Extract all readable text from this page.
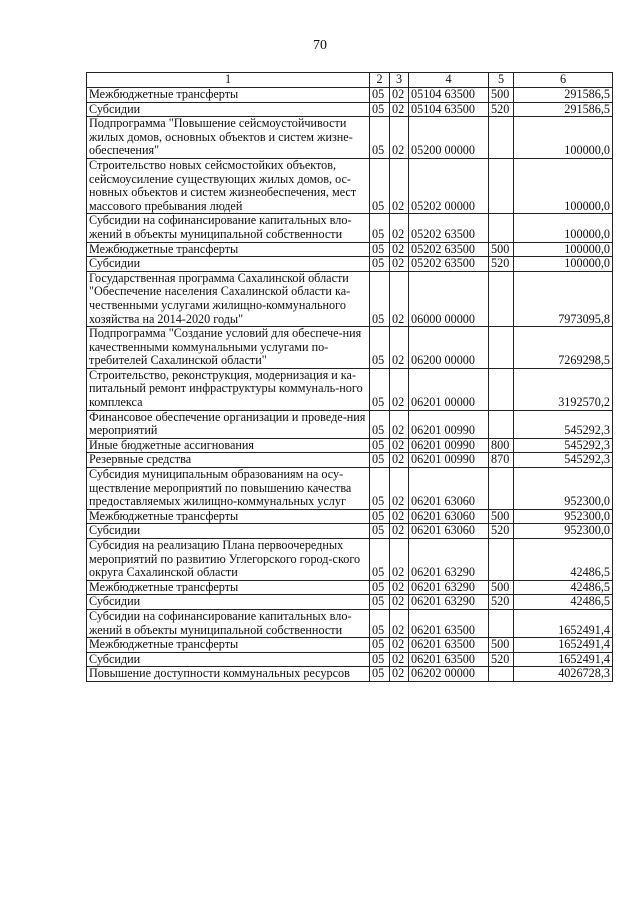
70
1	2	3	4	5	6
Межбюджетные трансферты	05	02	05104 63500	500	291586,5
Субсидии	05	02	05104 63500	520	291586,5
Подпрограмма "Повышение сейсмоустойчивости жилых домов, основных объектов и систем жизне-обеспечения"	05	02	05200 00000		100000,0
Строительство новых сейсмостойких объектов, сейсмоусиление существующих жилых домов, ос-новных объектов и систем жизнеобеспечения, мест массового пребывания людей	05	02	05202 00000		100000,0
Субсидии на софинансирование капитальных вло-жений в объекты муниципальной собственности	05	02	05202 63500		100000,0
Межбюджетные трансферты	05	02	05202 63500	500	100000,0
Субсидии	05	02	05202 63500	520	100000,0
Государственная программа Сахалинской области "Обеспечение населения Сахалинской области ка-чественными услугами жилищно-коммунального хозяйства на 2014-2020 годы"	05	02	06000 00000		7973095,8
Подпрограмма "Создание условий для обеспече-ния качественными коммунальными услугами по-требителей Сахалинской области"	05	02	06200 00000		7269298,5
Строительство, реконструкция, модернизация и ка-питальный ремонт инфраструктуры коммуналь-ного комплекса	05	02	06201 00000		3192570,2
Финансовое обеспечение организации и проведе-ния мероприятий	05	02	06201 00990		545292,3
Иные бюджетные ассигнования	05	02	06201 00990	800	545292,3
Резервные средства	05	02	06201 00990	870	545292,3
Субсидия муниципальным образованиям на осу-ществление мероприятий по повышению качества предоставляемых жилищно-коммунальных услуг	05	02	06201 63060		952300,0
Межбюджетные трансферты	05	02	06201 63060	500	952300,0
Субсидии	05	02	06201 63060	520	952300,0
Субсидия на реализацию Плана первоочередных мероприятий по развитию Углегорского город-ского округа Сахалинской области	05	02	06201 63290		42486,5
Межбюджетные трансферты	05	02	06201 63290	500	42486,5
Субсидии	05	02	06201 63290	520	42486,5
Субсидии на софинансирование капитальных вло-жений в объекты муниципальной собственности	05	02	06201 63500		1652491,4
Межбюджетные трансферты	05	02	06201 63500	500	1652491,4
Субсидии	05	02	06201 63500	520	1652491,4
Повышение доступности коммунальных ресурсов	05	02	06202 00000		4026728,3
